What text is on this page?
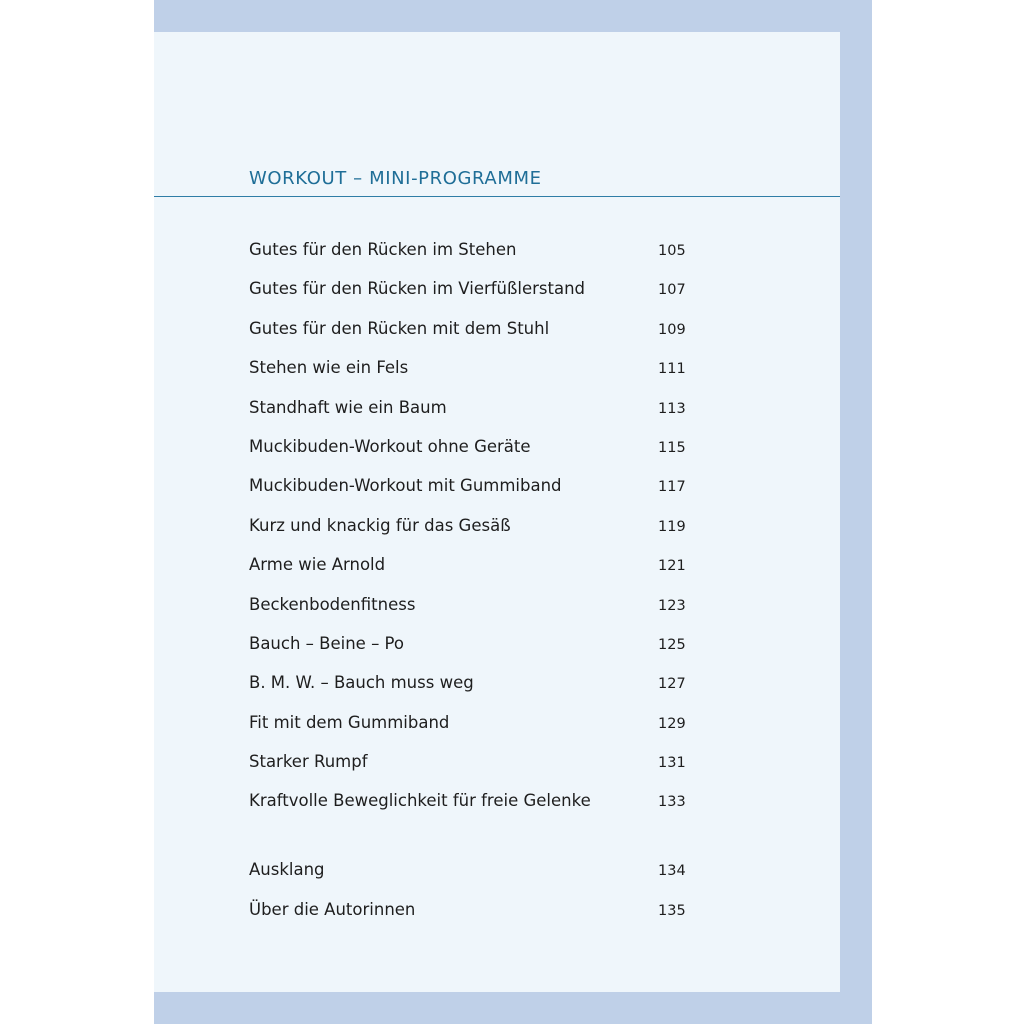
WORKOUT – MINI-PROGRAMME
Gutes für den Rücken im Stehen	105
Gutes für den Rücken im Vierfüßlerstand	107
Gutes für den Rücken mit dem Stuhl	109
Stehen wie ein Fels	111
Standhaft wie ein Baum	113
Muckibuden-Workout ohne Geräte	115
Muckibuden-Workout mit Gummiband	117
Kurz und knackig für das Gesäß	119
Arme wie Arnold	121
Beckenbodenfitness	123
Bauch – Beine – Po	125
B. M. W. – Bauch muss weg	127
Fit mit dem Gummiband	129
Starker Rumpf	131
Kraftvolle Beweglichkeit für freie Gelenke	133
Ausklang	134
Über die Autorinnen	135
